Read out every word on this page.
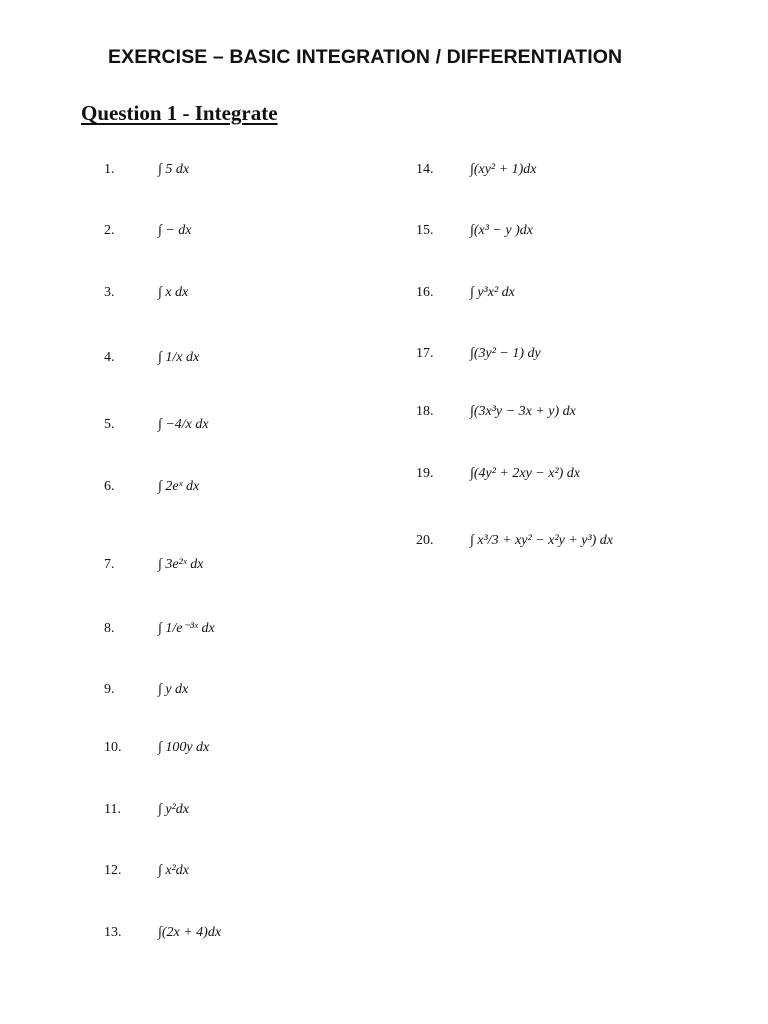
EXERCISE – BASIC INTEGRATION / DIFFERENTIATION
Question 1 - Integrate
1.
2.
3.
4.
5.
6.
7.
8.
9.
10.
11.
12.
13.
14.
15.
16.
17.
18.
19.
20.
∫ 5 dx
∫ − dx
∫ x dx
∫ 1/x dx
∫ −4/x dx
∫ 2eˣ dx
∫ 3e²ˣ dx
∫ 1/e⁻³ˣ dx
∫ y dx
∫ 100y dx
∫ y²dx
∫ x²dx
∫(2x + 4)dx
∫(xy² + 1)dx
∫(x³ − y )dx
∫ y³x² dx
∫(3y² − 1) dy
∫(3x³y − 3x + y) dx
∫(4y² + 2xy − x²) dx
∫ x³/3 + xy² − x²y + y³) dx
